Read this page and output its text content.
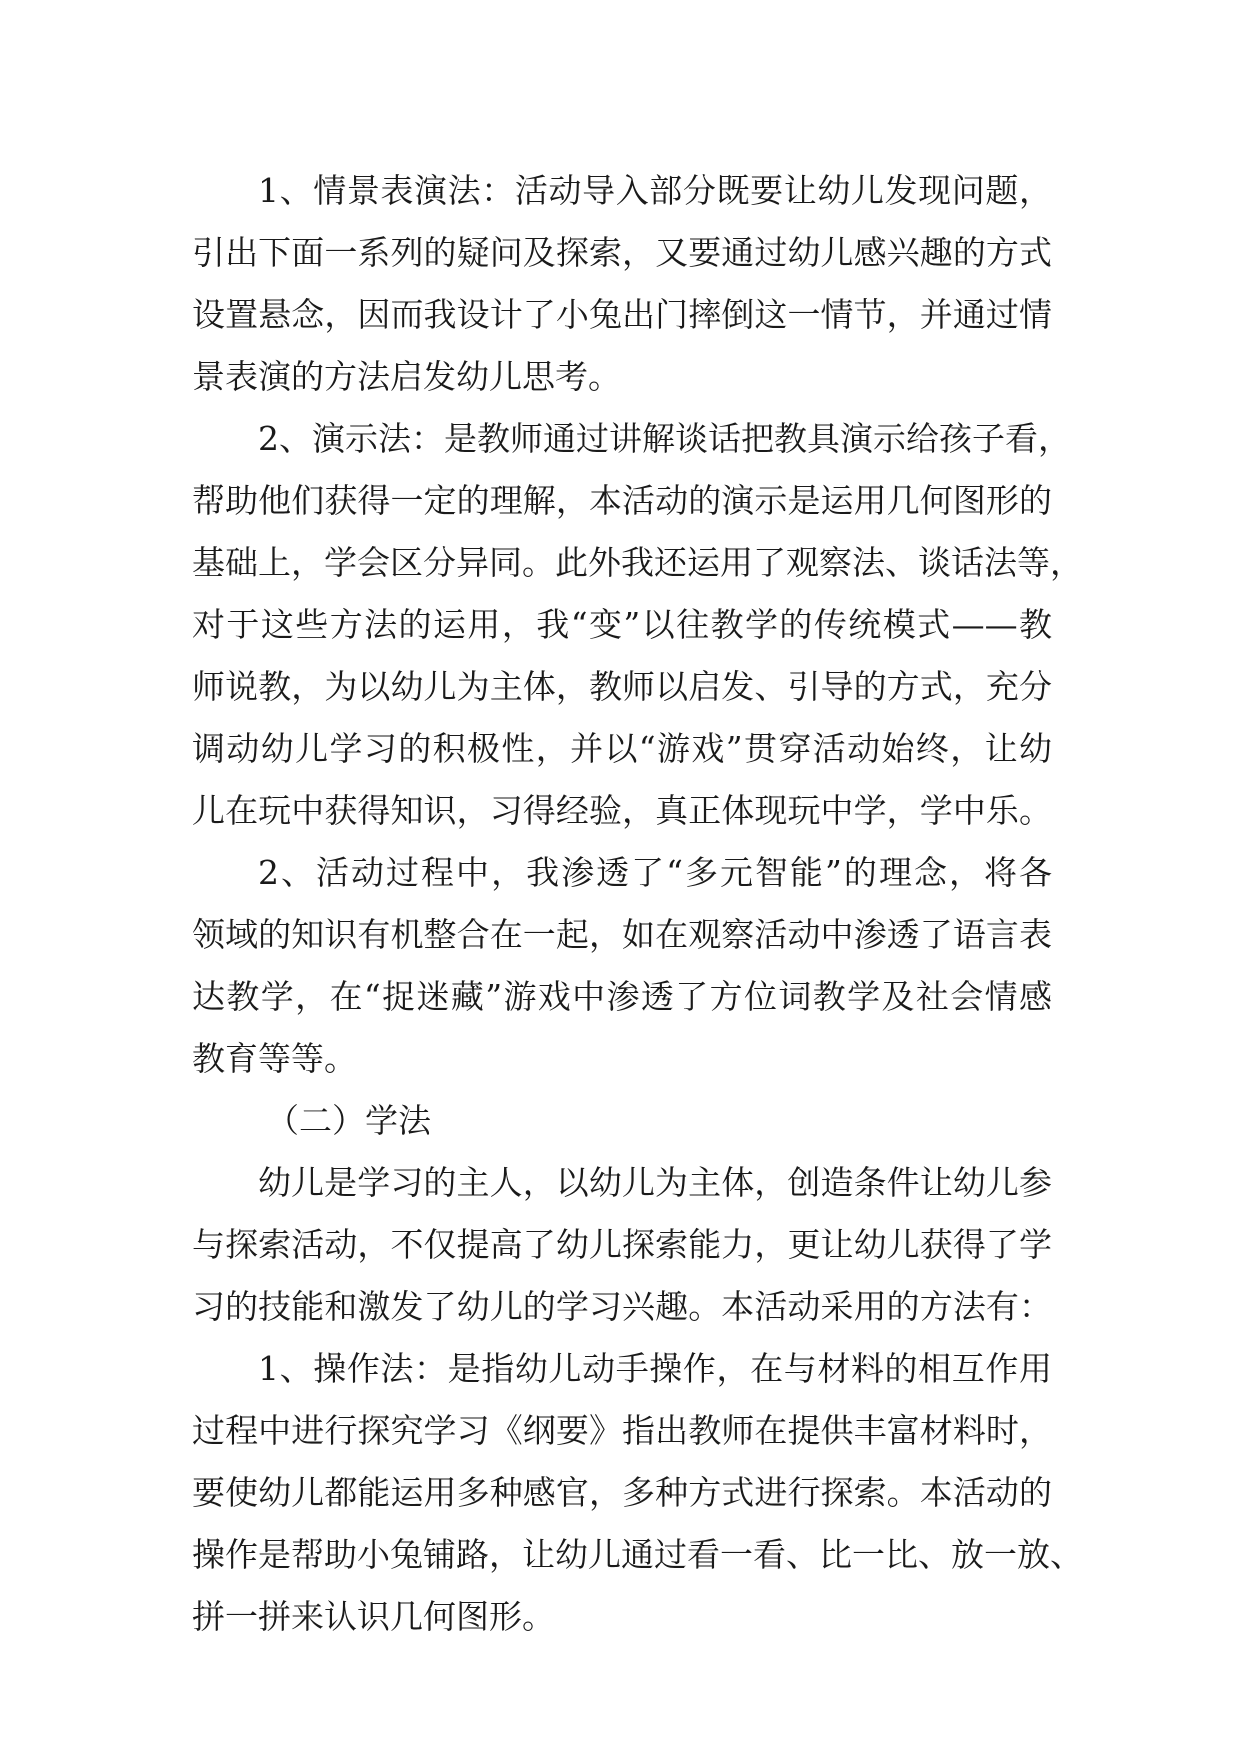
1、情景表演法：活动导入部分既要让幼儿发现问题，
引出下面一系列的疑问及探索，又要通过幼儿感兴趣的方式
设置悬念，因而我设计了小兔出门摔倒这一情节，并通过情
景表演的方法启发幼儿思考。
2、演示法：是教师通过讲解谈话把教具演示给孩子看，
帮助他们获得一定的理解，本活动的演示是运用几何图形的
基础上，学会区分异同。此外我还运用了观察法、谈话法等，
对于这些方法的运用，我“变”以往教学的传统模式——教
师说教，为以幼儿为主体，教师以启发、引导的方式，充分
调动幼儿学习的积极性，并以“游戏”贯穿活动始终，让幼
儿在玩中获得知识，习得经验，真正体现玩中学，学中乐。
2、活动过程中，我渗透了“多元智能”的理念，将各
领域的知识有机整合在一起，如在观察活动中渗透了语言表
达教学，在“捉迷藏”游戏中渗透了方位词教学及社会情感
教育等等。
（二）学法
幼儿是学习的主人，以幼儿为主体，创造条件让幼儿参
与探索活动，不仅提高了幼儿探索能力，更让幼儿获得了学
习的技能和激发了幼儿的学习兴趣。本活动采用的方法有：
1、操作法：是指幼儿动手操作，在与材料的相互作用
过程中进行探究学习《纲要》指出教师在提供丰富材料时，
要使幼儿都能运用多种感官，多种方式进行探索。本活动的
操作是帮助小兔铺路，让幼儿通过看一看、比一比、放一放、
拼一拼来认识几何图形。
